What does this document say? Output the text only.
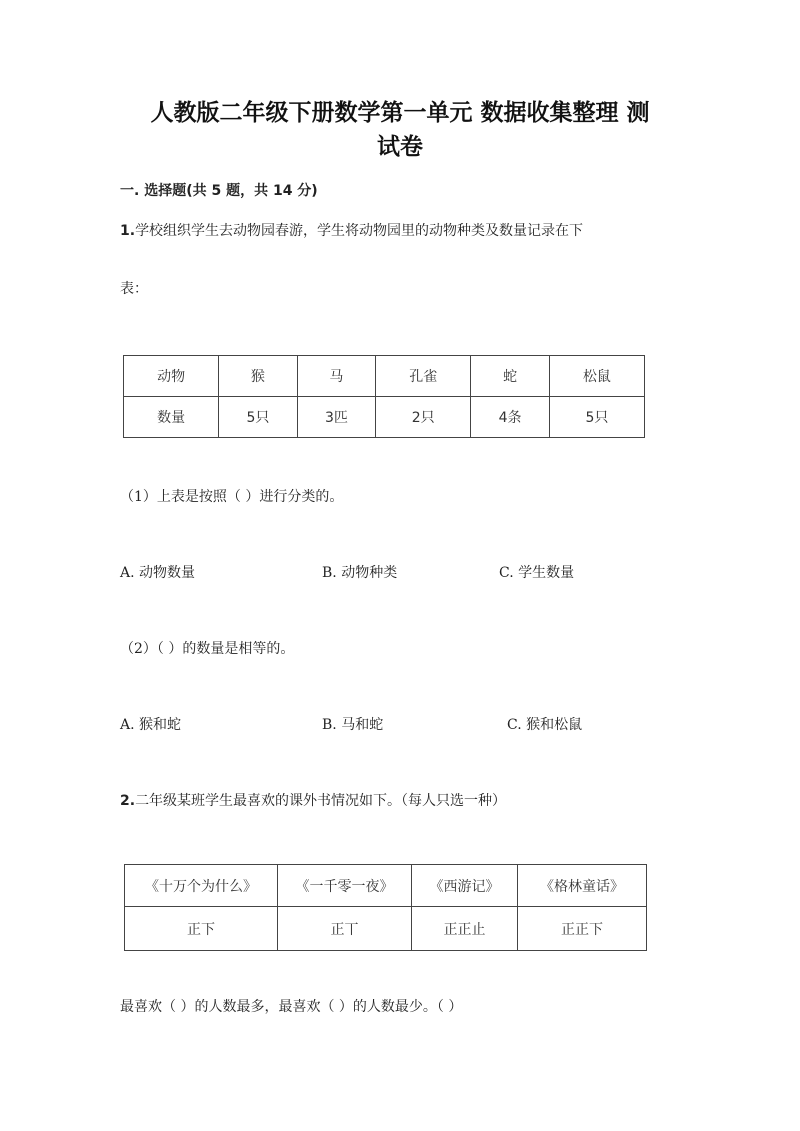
人教版二年级下册数学第一单元 数据收集整理 测
试卷
一. 选择题(共 5 题，共 14 分)
1.学校组织学生去动物园春游，学生将动物园里的动物种类及数量记录在下
表：
动物	猴	马	孔雀	蛇	松鼠
数量	5只	3匹	2只	4条	5只
（1）上表是按照（ ）进行分类的。
A. 动物数量	B. 动物种类	C. 学生数量
（2）（ ）的数量是相等的。
A. 猴和蛇	B. 马和蛇	C. 猴和松鼠
2.二年级某班学生最喜欢的课外书情况如下。（每人只选一种）
《十万个为什么》	《一千零一夜》	《西游记》	《格林童话》
正下	正丅	正正止	正正下
最喜欢（ ）的人数最多，最喜欢（ ）的人数最少。（ ）
